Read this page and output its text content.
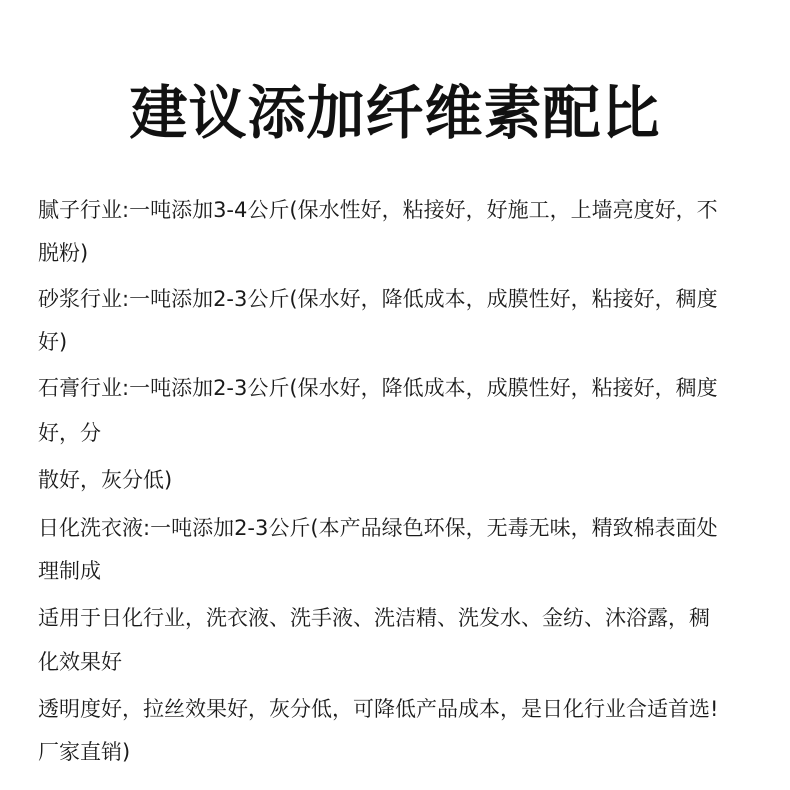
建议添加纤维素配比
腻子行业:一吨添加3-4公斤(保水性好，粘接好，好施工，上墙亮度好，不
脱粉)
砂浆行业:一吨添加2-3公斤(保水好，降低成本，成膜性好，粘接好，稠度
好)
石膏行业:一吨添加2-3公斤(保水好，降低成本，成膜性好，粘接好，稠度
好，分
散好，灰分低)
日化洗衣液:一吨添加2-3公斤(本产品绿色环保，无毒无味，精致棉表面处
理制成
适用于日化行业，洗衣液、洗手液、洗洁精、洗发水、金纺、沐浴露，稠
化效果好
透明度好，拉丝效果好，灰分低，可降低产品成本，是日化行业合适首选!
厂家直销)
